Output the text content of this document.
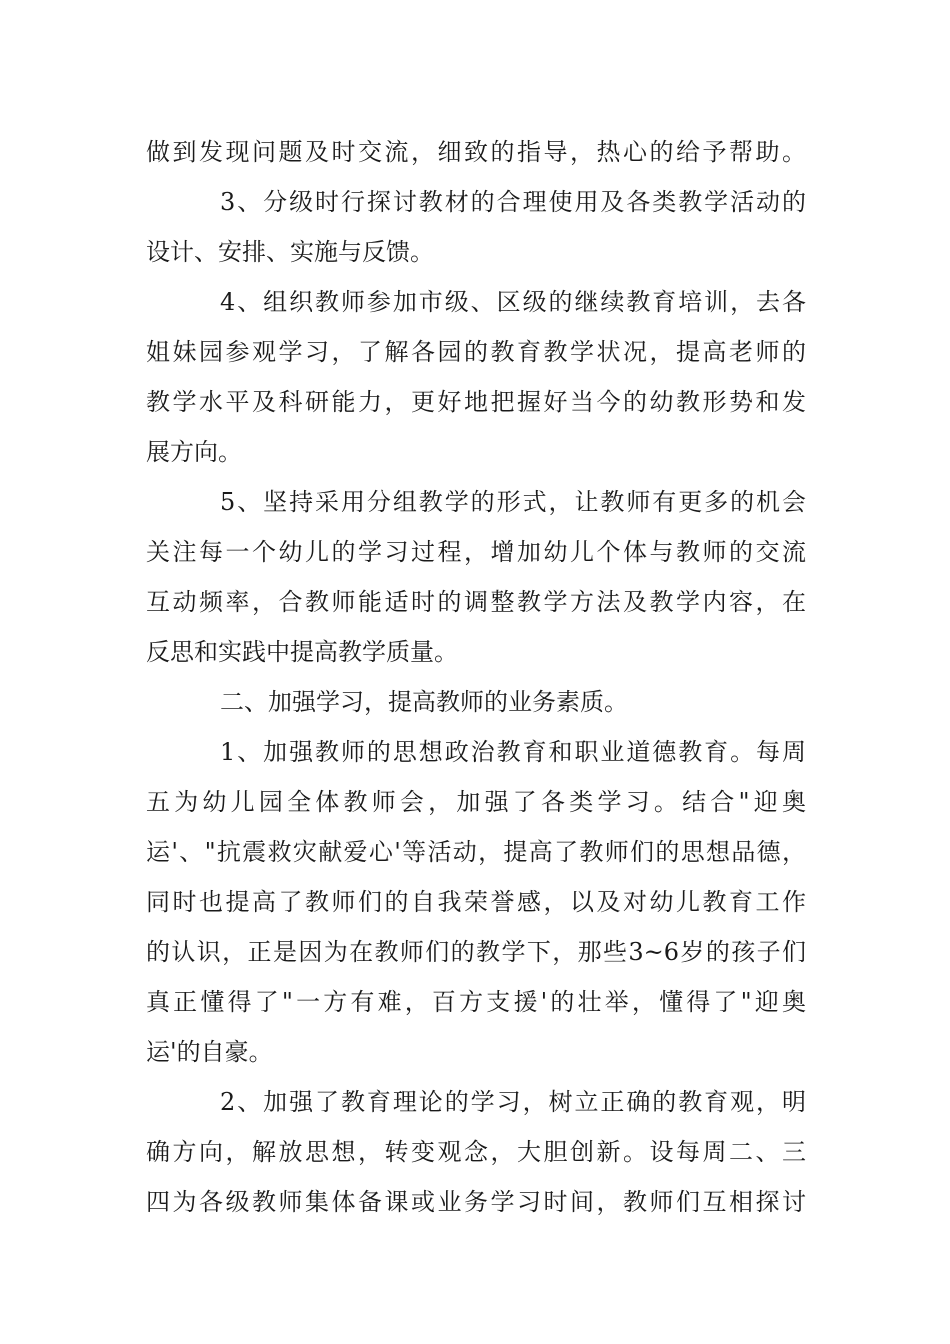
做到发现问题及时交流，细致的指导，热心的给予帮助。
3、分级时行探讨教材的合理使用及各类教学活动的
设计、安排、实施与反馈。
4、组织教师参加市级、区级的继续教育培训，去各
姐妹园参观学习，了解各园的教育教学状况，提高老师的
教学水平及科研能力，更好地把握好当今的幼教形势和发
展方向。
5、坚持采用分组教学的形式，让教师有更多的机会
关注每一个幼儿的学习过程，增加幼儿个体与教师的交流
互动频率，合教师能适时的调整教学方法及教学内容，在
反思和实践中提高教学质量。
二、加强学习，提高教师的业务素质。
1、加强教师的思想政治教育和职业道德教育。每周
五为幼儿园全体教师会，加强了各类学习。结合"迎奥
运'、"抗震救灾献爱心'等活动，提高了教师们的思想品德，
同时也提高了教师们的自我荣誉感，以及对幼儿教育工作
的认识，正是因为在教师们的教学下，那些3~6岁的孩子们
真正懂得了"一方有难，百方支援'的壮举，懂得了"迎奥
运'的自豪。
2、加强了教育理论的学习，树立正确的教育观，明
确方向，解放思想，转变观念，大胆创新。设每周二、三
四为各级教师集体备课或业务学习时间，教师们互相探讨
